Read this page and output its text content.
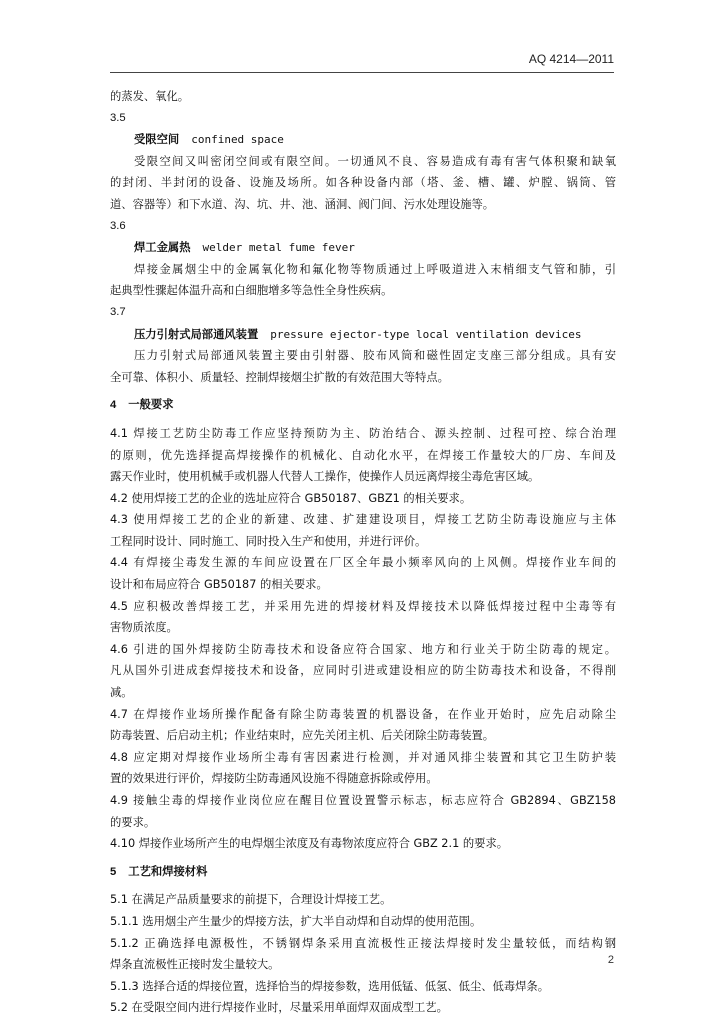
AQ 4214—2011
的蒸发、氧化。
3.5
受限空间 confined space
受限空间又叫密闭空间或有限空间。一切通风不良、容易造成有毒有害气体积聚和缺氧
的封闭、半封闭的设备、设施及场所。如各种设备内部（塔、釜、槽、罐、炉膛、锅筒、管
道、容器等）和下水道、沟、坑、井、池、涵洞、阀门间、污水处理设施等。
3.6
焊工金属热 welder metal fume fever
焊接金属烟尘中的金属氧化物和氟化物等物质通过上呼吸道进入末梢细支气管和肺，引
起典型性骤起体温升高和白细胞增多等急性全身性疾病。
3.7
压力引射式局部通风装置 pressure ejector-type local ventilation devices
压力引射式局部通风装置主要由引射器、胶布风筒和磁性固定支座三部分组成。具有安
全可靠、体积小、质量轻、控制焊接烟尘扩散的有效范围大等特点。
4 一般要求
4.1 焊接工艺防尘防毒工作应坚持预防为主、防治结合、源头控制、过程可控、综合治理
的原则，优先选择提高焊接操作的机械化、自动化水平，在焊接工作量较大的厂房、车间及
露天作业时，使用机械手或机器人代替人工操作，使操作人员远离焊接尘毒危害区域。
4.2 使用焊接工艺的企业的选址应符合 GB50187、GBZ1 的相关要求。
4.3 使用焊接工艺的企业的新建、改建、扩建建设项目，焊接工艺防尘防毒设施应与主体
工程同时设计、同时施工、同时投入生产和使用，并进行评价。
4.4 有焊接尘毒发生源的车间应设置在厂区全年最小频率风向的上风侧。焊接作业车间的
设计和布局应符合 GB50187 的相关要求。
4.5 应积极改善焊接工艺，并采用先进的焊接材料及焊接技术以降低焊接过程中尘毒等有
害物质浓度。
4.6 引进的国外焊接防尘防毒技术和设备应符合国家、地方和行业关于防尘防毒的规定。
凡从国外引进成套焊接技术和设备，应同时引进或建设相应的防尘防毒技术和设备，不得削
减。
4.7 在焊接作业场所操作配备有除尘防毒装置的机器设备，在作业开始时，应先启动除尘
防毒装置、后启动主机；作业结束时，应先关闭主机、后关闭除尘防毒装置。
4.8 应定期对焊接作业场所尘毒有害因素进行检测，并对通风排尘装置和其它卫生防护装
置的效果进行评价，焊接防尘防毒通风设施不得随意拆除或停用。
4.9 接触尘毒的焊接作业岗位应在醒目位置设置警示标志，标志应符合 GB2894、GBZ158
的要求。
4.10 焊接作业场所产生的电焊烟尘浓度及有毒物浓度应符合 GBZ 2.1 的要求。
5 工艺和焊接材料
5.1 在满足产品质量要求的前提下，合理设计焊接工艺。
5.1.1 选用烟尘产生量少的焊接方法，扩大半自动焊和自动焊的使用范围。
5.1.2 正确选择电源极性，不锈钢焊条采用直流极性正接法焊接时发尘量较低，而结构钢
焊条直流极性正接时发尘量较大。
5.1.3 选择合适的焊接位置，选择恰当的焊接参数，选用低锰、低氢、低尘、低毒焊条。
5.2 在受限空间内进行焊接作业时，尽量采用单面焊双面成型工艺。
2
